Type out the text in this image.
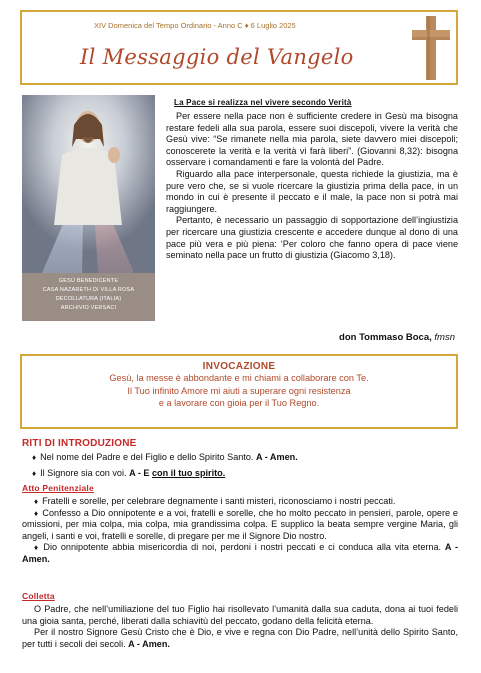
XIV Domenica del Tempo Ordinario - Anno C ♦ 6 Luglio 2025
Il Messaggio del Vangelo
GESÙ BENEDICENTE
CASA NAZARETH DI VILLA ROSA
DECOLLATURA (ITALIA)
ARCHIVIO VERSACI
La Pace si realizza nel vivere secondo Verità

Per essere nella pace non è sufficiente credere in Gesù ma bisogna restare fedeli alla sua parola, essere suoi discepoli, vivere la verità che Gesù vive: “Se rimanete nella mia parola, siete davvero miei discepoli; conoscerete la verità e la verità vi farà liberi”. (Giovanni 8,32): bisogna osservare i comandamenti e fare la volontà del Padre.

Riguardo alla pace interpersonale, questa richiede la giustizia, ma è pure vero che, se si vuole ricercare la giustizia prima della pace, in un mondo in cui è presente il peccato e il male, la pace non si potrà mai raggiungere.

Pertanto, è necessario un passaggio di sopportazione dell’ingiustizia per ricercare una giustizia crescente e accedere dunque al dono di una pace più vera e più piena: ‘Per coloro che fanno opera di pace viene seminato nella pace un frutto di giustizia (Giacomo 3,18).

don Tommaso Boca, fmsn
INVOCAZIONE
Gesù, la messe è abbondante e mi chiami a collaborare con Te.
Il Tuo infinito Amore mi aiuti a superare ogni resistenza
e a lavorare con gioia per il Tuo Regno.
RITI DI INTRODUZIONE

♦ Nel nome del Padre e del Figlio e dello Spirito Santo. A - Amen.

♦ Il Signore sia con voi. A - E con il tuo spirito.

Atto Penitenziale

♦ Fratelli e sorelle, per celebrare degnamente i santi misteri, riconosciamo i nostri peccati.

♦ Confesso a Dio onnipotente e a voi, fratelli e sorelle, che ho molto peccato in pensieri, parole, opere e omissioni, per mia colpa, mia colpa, mia grandissima colpa. E supplico la beata sempre vergine Maria, gli angeli, i santi e voi, fratelli e sorelle, di pregare per me il Signore Dio nostro.

♦ Dio onnipotente abbia misericordia di noi, perdoni i nostri peccati e ci conduca alla vita eterna. A - Amen.

Colletta

O Padre, che nell’umiliazione del tuo Figlio hai risollevato l’umanità dalla sua caduta, dona ai tuoi fedeli una gioia santa, perché, liberati dalla schiavitù del peccato, godano della felicità eterna.

Per il nostro Signore Gesù Cristo che è Dio, e vive e regna con Dio Padre, nell’unità dello Spirito Santo, per tutti i secoli dei secoli. A - Amen.
